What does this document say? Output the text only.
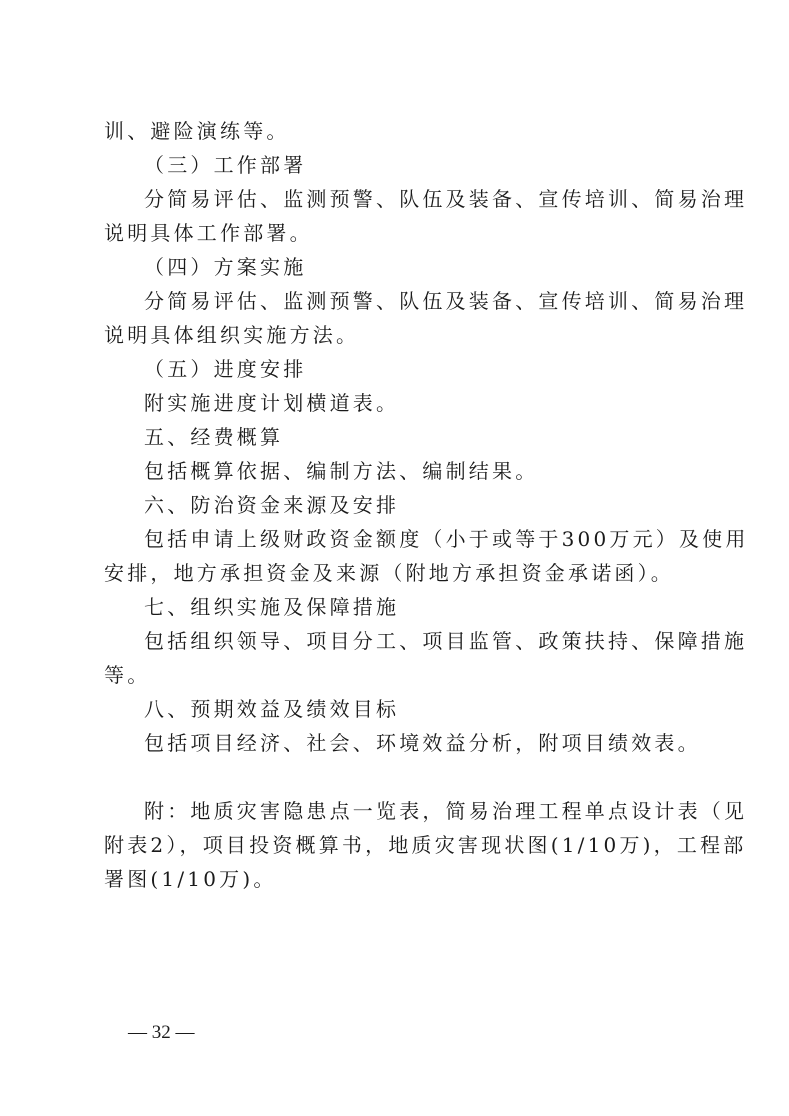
训、避险演练等。
（三）工作部署
分简易评估、监测预警、队伍及装备、宣传培训、简易治理
说明具体工作部署。
（四）方案实施
分简易评估、监测预警、队伍及装备、宣传培训、简易治理
说明具体组织实施方法。
（五）进度安排
附实施进度计划横道表。
五、经费概算
包括概算依据、编制方法、编制结果。
六、防治资金来源及安排
包括申请上级财政资金额度（小于或等于300万元）及使用
安排，地方承担资金及来源（附地方承担资金承诺函）。
七、组织实施及保障措施
包括组织领导、项目分工、项目监管、政策扶持、保障措施
等。
八、预期效益及绩效目标
包括项目经济、社会、环境效益分析，附项目绩效表。
附：地质灾害隐患点一览表，简易治理工程单点设计表（见
附表2），项目投资概算书，地质灾害现状图(1/10万)，工程部
署图(1/10万)。
— 32 —
